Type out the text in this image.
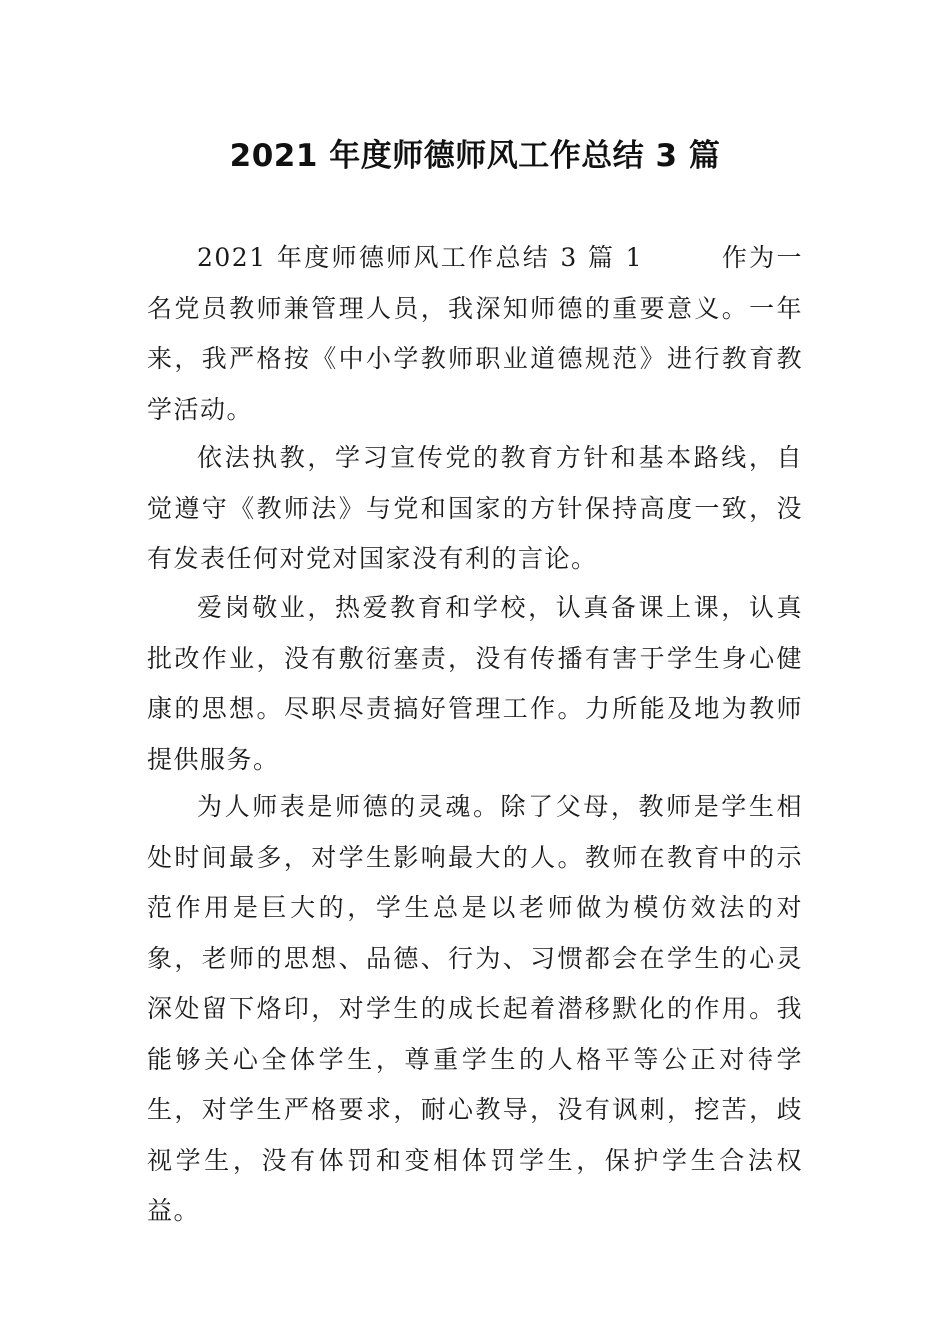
2021 年度师德师风工作总结 3 篇

2021 年度师德师风工作总结 3 篇 1	作为一名党员教师兼管理人员，我深知师德的重要意义。一年来，我严格按《中小学教师职业道德规范》进行教育教学活动。

依法执教，学习宣传党的教育方针和基本路线，自觉遵守《教师法》与党和国家的方针保持高度一致，没有发表任何对党对国家没有利的言论。

爱岗敬业，热爱教育和学校，认真备课上课，认真批改作业，没有敷衍塞责，没有传播有害于学生身心健康的思想。尽职尽责搞好管理工作。力所能及地为教师提供服务。

为人师表是师德的灵魂。除了父母，教师是学生相处时间最多，对学生影响最大的人。教师在教育中的示范作用是巨大的，学生总是以老师做为模仿效法的对象，老师的思想、品德、行为、习惯都会在学生的心灵深处留下烙印，对学生的成长起着潜移默化的作用。我能够关心全体学生，尊重学生的人格平等公正对待学生，对学生严格要求，耐心教导，没有讽刺，挖苦，歧视学生，没有体罚和变相体罚学生，保护学生合法权益。
